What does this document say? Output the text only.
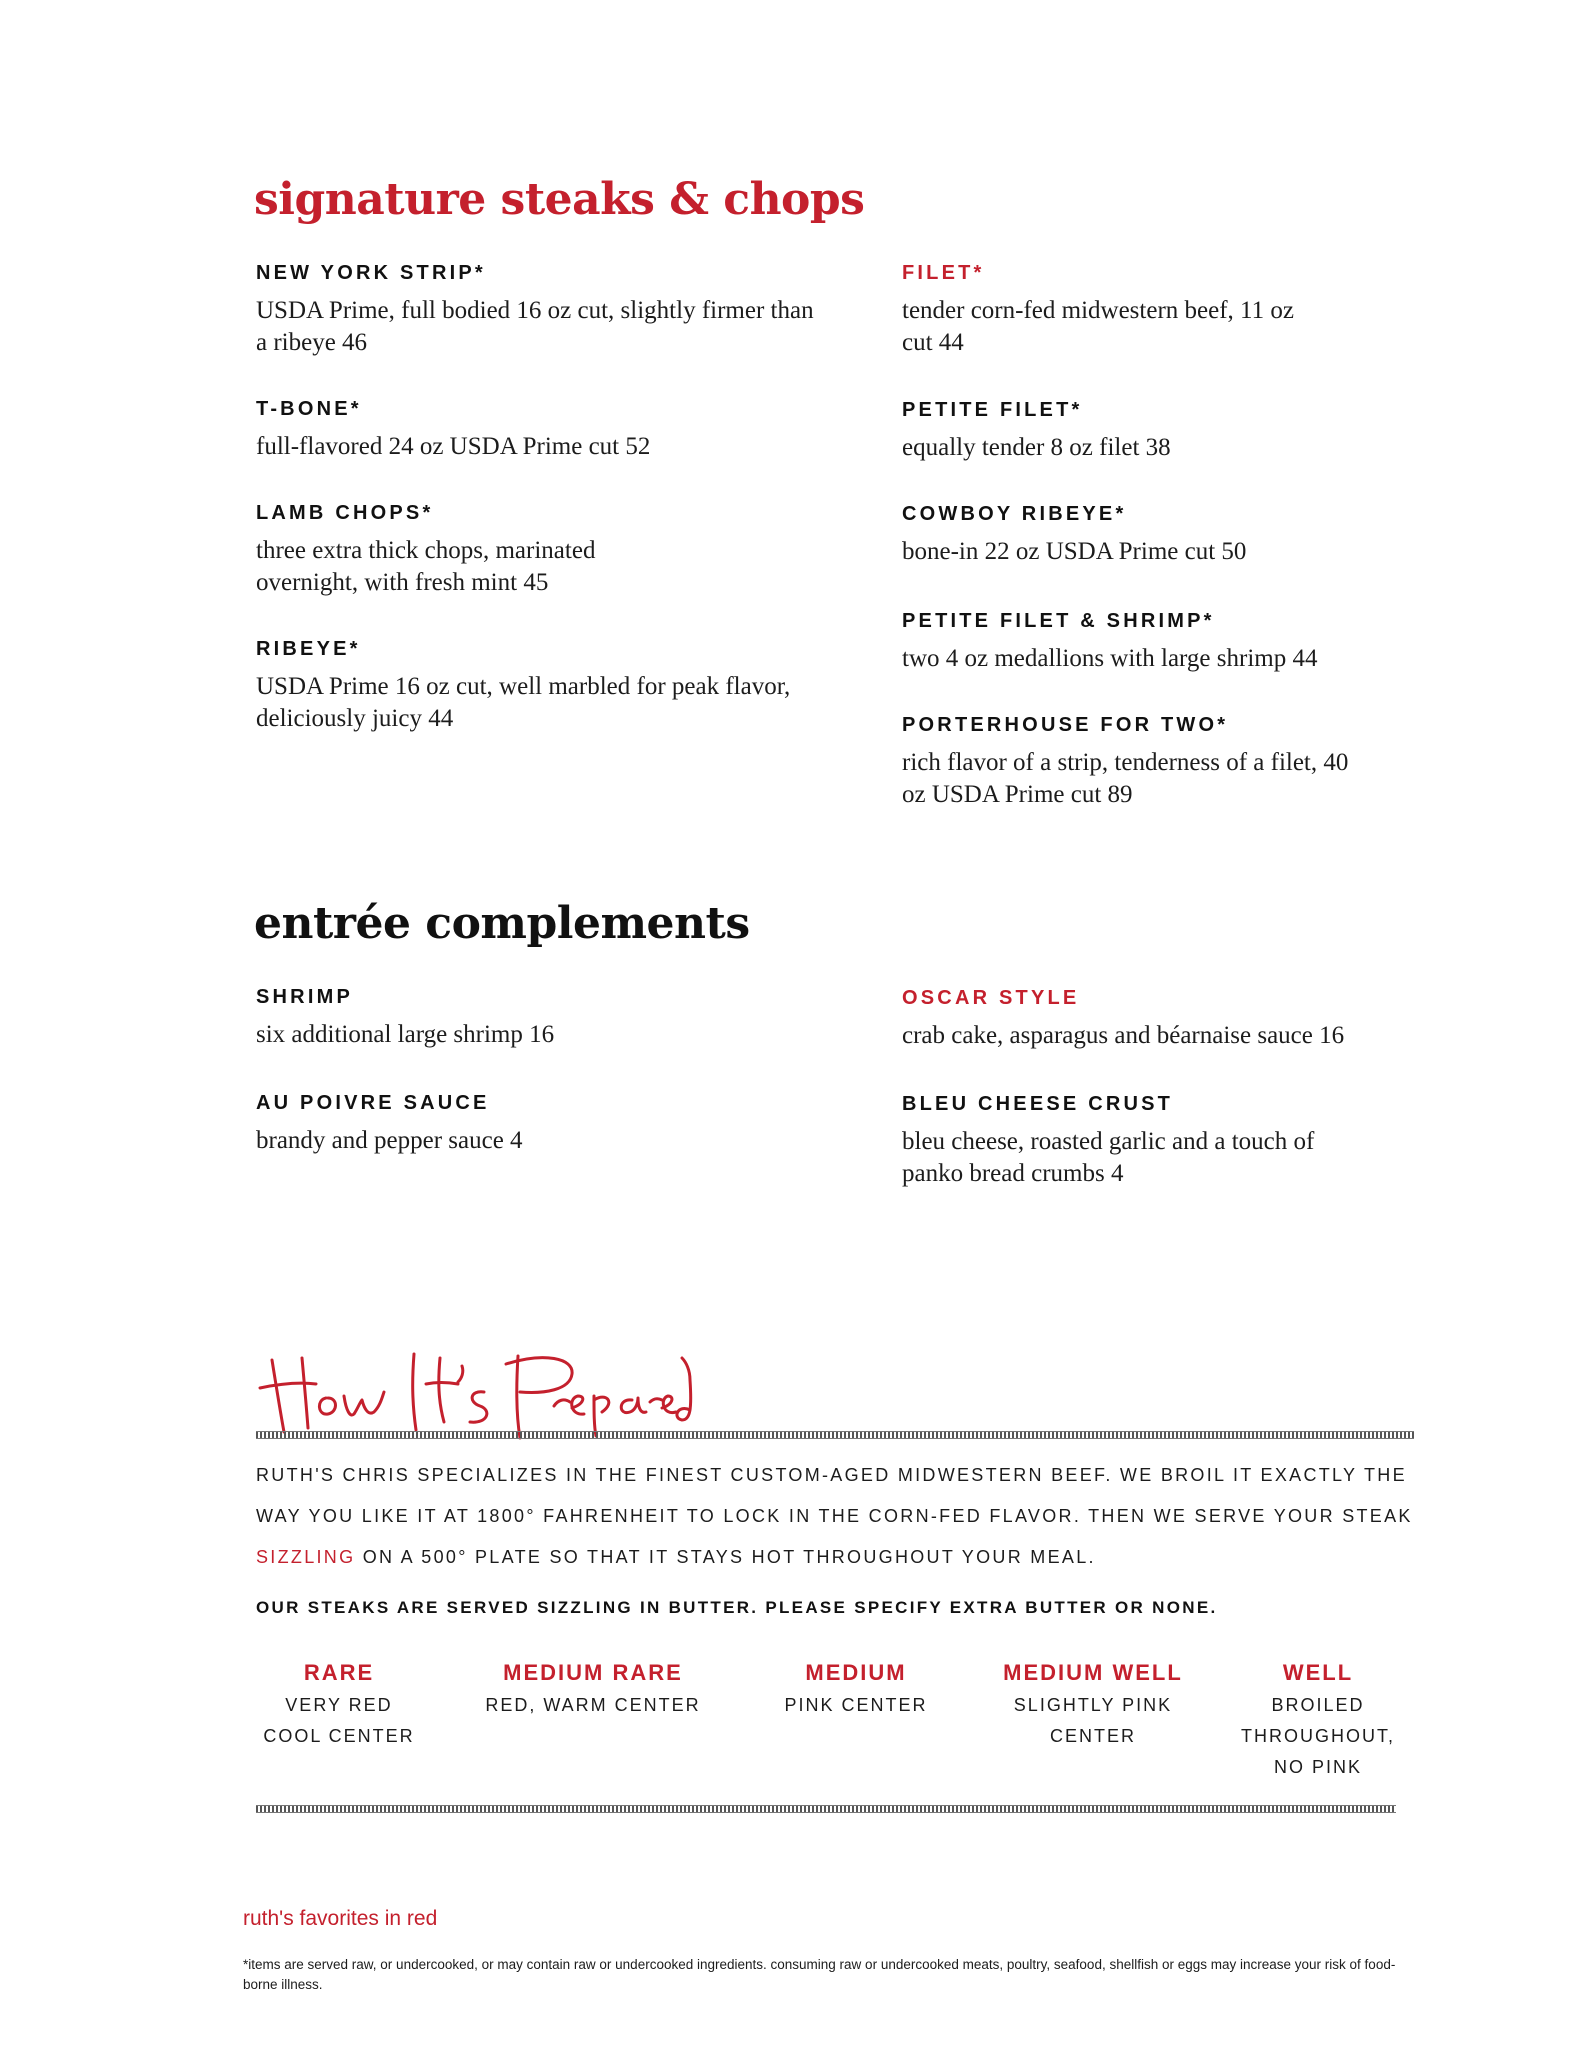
signature steaks & chops
NEW YORK STRIP*
USDA Prime, full bodied 16 oz cut, slightly firmer than a ribeye 46
T-BONE*
full-flavored 24 oz USDA Prime cut 52
LAMB CHOPS*
three extra thick chops, marinated overnight, with fresh mint 45
RIBEYE*
USDA Prime 16 oz cut, well marbled for peak flavor, deliciously juicy 44
FILET*
tender corn-fed midwestern beef, 11 oz cut 44
PETITE FILET*
equally tender 8 oz filet 38
COWBOY RIBEYE*
bone-in 22 oz USDA Prime cut 50
PETITE FILET & SHRIMP*
two 4 oz medallions with large shrimp 44
PORTERHOUSE FOR TWO*
rich flavor of a strip, tenderness of a filet, 40 oz USDA Prime cut 89
entrée complements
SHRIMP
six additional large shrimp 16
AU POIVRE SAUCE
brandy and pepper sauce 4
OSCAR STYLE
crab cake, asparagus and béarnaise sauce 16
BLEU CHEESE CRUST
bleu cheese, roasted garlic and a touch of panko bread crumbs 4

RUTH'S CHRIS SPECIALIZES IN THE FINEST CUSTOM-AGED MIDWESTERN BEEF. WE BROIL IT EXACTLY THE WAY YOU LIKE IT AT 1800° FAHRENHEIT TO LOCK IN THE CORN-FED FLAVOR. THEN WE SERVE YOUR STEAK SIZZLING ON A 500° PLATE SO THAT IT STAYS HOT THROUGHOUT YOUR MEAL.

OUR STEAKS ARE SERVED SIZZLING IN BUTTER. PLEASE SPECIFY EXTRA BUTTER OR NONE.

RARE
VERY RED
COOL CENTER
MEDIUM RARE
RED, WARM CENTER
MEDIUM
PINK CENTER
MEDIUM WELL
SLIGHTLY PINK
CENTER
WELL
BROILED
THROUGHOUT,
NO PINK

ruth's favorites in red

*items are served raw, or undercooked, or may contain raw or undercooked ingredients. consuming raw or undercooked meats, poultry, seafood, shellfish or eggs may increase your risk of food-borne illness.
